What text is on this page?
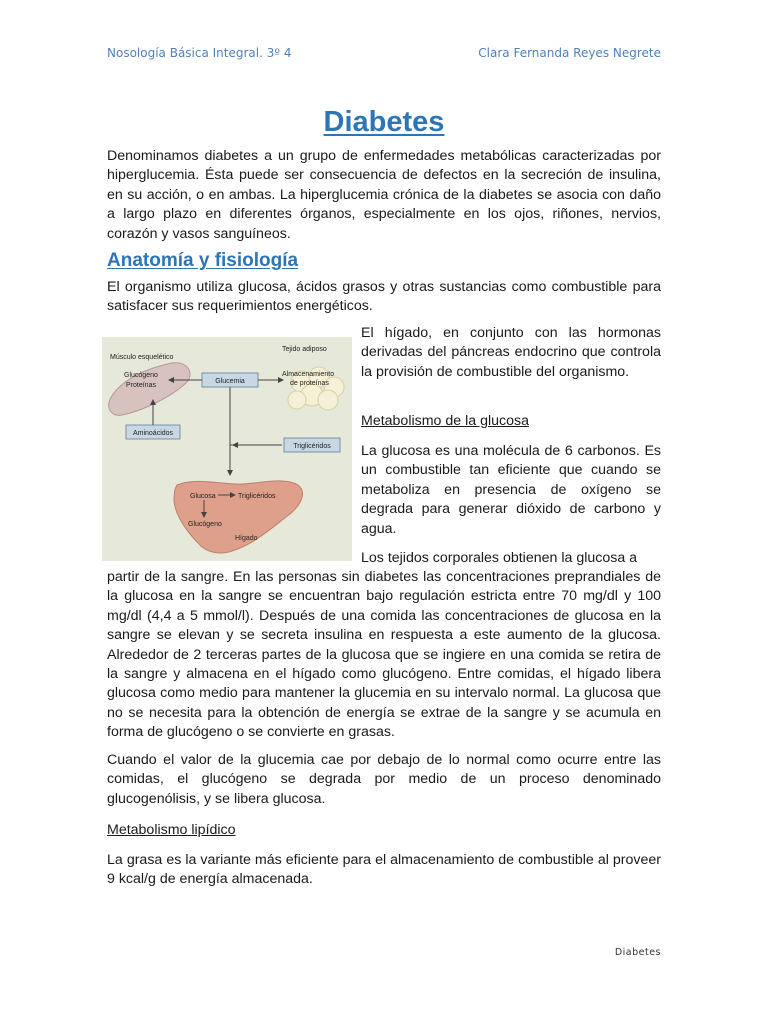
Nosología Básica Integral. 3º 4	Clara Fernanda Reyes Negrete
Diabetes

Denominamos diabetes a un grupo de enfermedades metabólicas caracterizadas por hiperglucemia. Ésta puede ser consecuencia de defectos en la secreción de insulina, en su acción, o en ambas. La hiperglucemia crónica de la diabetes se asocia con daño a largo plazo en diferentes órganos, especialmente en los ojos, riñones, nervios, corazón y vasos sanguíneos.

Anatomía y fisiología

El organismo utiliza glucosa, ácidos grasos y otras sustancias como combustible para satisfacer sus requerimientos energéticos.

Músculo esquelético
Tejido adiposo
Glucógeno
Proteínas
Glucemia
Almacenamiento
de proteínas
Aminoácidos
Triglicéridos
Glucosa	Triglicéridos
Glucógeno
Hígado

El hígado, en conjunto con las hormonas derivadas del páncreas endocrino que controla la provisión de combustible del organismo.

Metabolismo de la glucosa

La glucosa es una molécula de 6 carbonos. Es un combustible tan eficiente que cuando se metaboliza en presencia de oxígeno se degrada para generar dióxido de carbono y agua.

Los tejidos corporales obtienen la glucosa a

partir de la sangre. En las personas sin diabetes las concentraciones preprandiales de la glucosa en la sangre se encuentran bajo regulación estricta entre 70 mg/dl y 100 mg/dl (4,4 a 5 mmol/l). Después de una comida las concentraciones de glucosa en la sangre se elevan y se secreta insulina en respuesta a este aumento de la glucosa. Alrededor de 2 terceras partes de la glucosa que se ingiere en una comida se retira de la sangre y almacena en el hígado como glucógeno. Entre comidas, el hígado libera glucosa como medio para mantener la glucemia en su intervalo normal. La glucosa que no se necesita para la obtención de energía se extrae de la sangre y se acumula en forma de glucógeno o se convierte en grasas.

Cuando el valor de la glucemia cae por debajo de lo normal como ocurre entre las comidas, el glucógeno se degrada por medio de un proceso denominado glucogenólisis, y se libera glucosa.

Metabolismo lipídico

La grasa es la variante más eficiente para el almacenamiento de combustible al proveer 9 kcal/g de energía almacenada.

Diabetes
